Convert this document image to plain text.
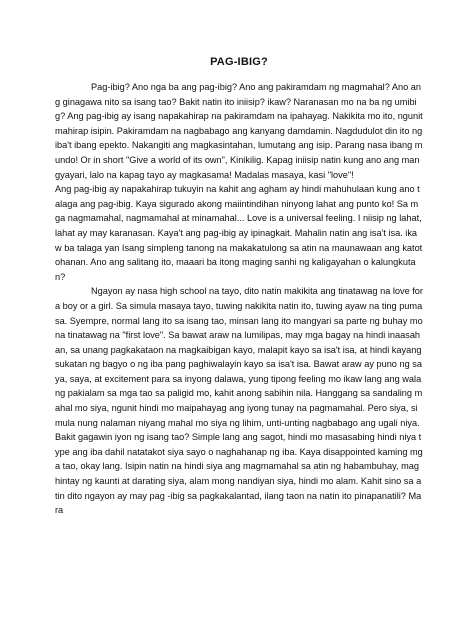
PAG-IBIG?

Pag-ibig? Ano nga ba ang pag-ibig? Ano ang pakiramdam ng magmahal? Ano ang ginagawa nito sa isang tao? Bakit natin ito iniisip? ikaw? Naranasan mo na ba ng umibig? Ang pag-ibig ay isang napakahirap na pakiramdam na ipahayag. Nakikita mo ito, ngunit mahirap isipin. Pakiramdam na nagbabago ang kanyang damdamin. Nagdudulot din ito ng iba't ibang epekto. Nakangiti ang magkasintahan, lumutang ang isip. Parang nasa ibang mundo! Or in short "Give a world of its own", Kinikilig. Kapag iniisip natin kung ano ang mangyayari, lalo na kapag tayo ay magkasama! Madalas masaya, kasi "love"!

Ang pag-ibig ay napakahirap tukuyin na kahit ang agham ay hindi mahuhulaan kung ano talaga ang pag-ibig. Kaya sigurado akong maiintindihan ninyong lahat ang punto ko! Sa mga nagmamahal, nagmamahal at minamahal... Love is a universal feeling. I niisip ng lahat, lahat ay may karanasan. Kaya't ang pag-ibig ay ipinagkait. Mahalin natin ang isa't isa. ikaw ba talaga yan Isang simpleng tanong na makakatulong sa atin na maunawaan ang katotohanan. Ano ang salitang ito, maaari ba itong maging sanhi ng kaligayahan o kalungkutan?

Ngayon ay nasa high school na tayo, dito natin makikita ang tinatawag na love for a boy or a girl. Sa simula masaya tayo, tuwing nakikita natin ito, tuwing ayaw na ting pumasa. Syempre, normal lang ito sa isang tao, minsan lang ito mangyari sa parte ng buhay mo na tinatawag na "first love". Sa bawat araw na lumilipas, may mga bagay na hindi inaasahan, sa unang pagkakataon na magkaibigan kayo, malapit kayo sa isa't isa, at hindi kayang sukatan ng bagyo o ng iba pang paghiwalayin kayo sa isa't isa. Bawat araw ay puno ng saya, saya, at excitement para sa inyong dalawa, yung tipong feeling mo ikaw lang ang walang pakialam sa mga tao sa paligid mo, kahit anong sabihin nila. Hanggang sa sandaling mahal mo siya, ngunit hindi mo maipahayag ang iyong tunay na pagmamahal. Pero siya, simula nung nalaman niyang mahal mo siya ng lihim, unti-unting nagbabago ang ugali niya. Bakit gagawin iyon ng isang tao? Simple lang ang sagot, hindi mo masasabing hindi niya type ang iba dahil natatakot siya sayo o naghahanap ng iba. Kaya disappointed kaming mga tao, okay lang. Isipin natin na hindi siya ang magmamahal sa atin ng habambuhay, maghintay ng kaunti at darating siya, alam mong nandiyan siya, hindi mo alam. Kahit sino sa atin dito ngayon ay may pag -ibig sa pagkakalantad, ilang taon na natin ito pinapanatili? Mara
